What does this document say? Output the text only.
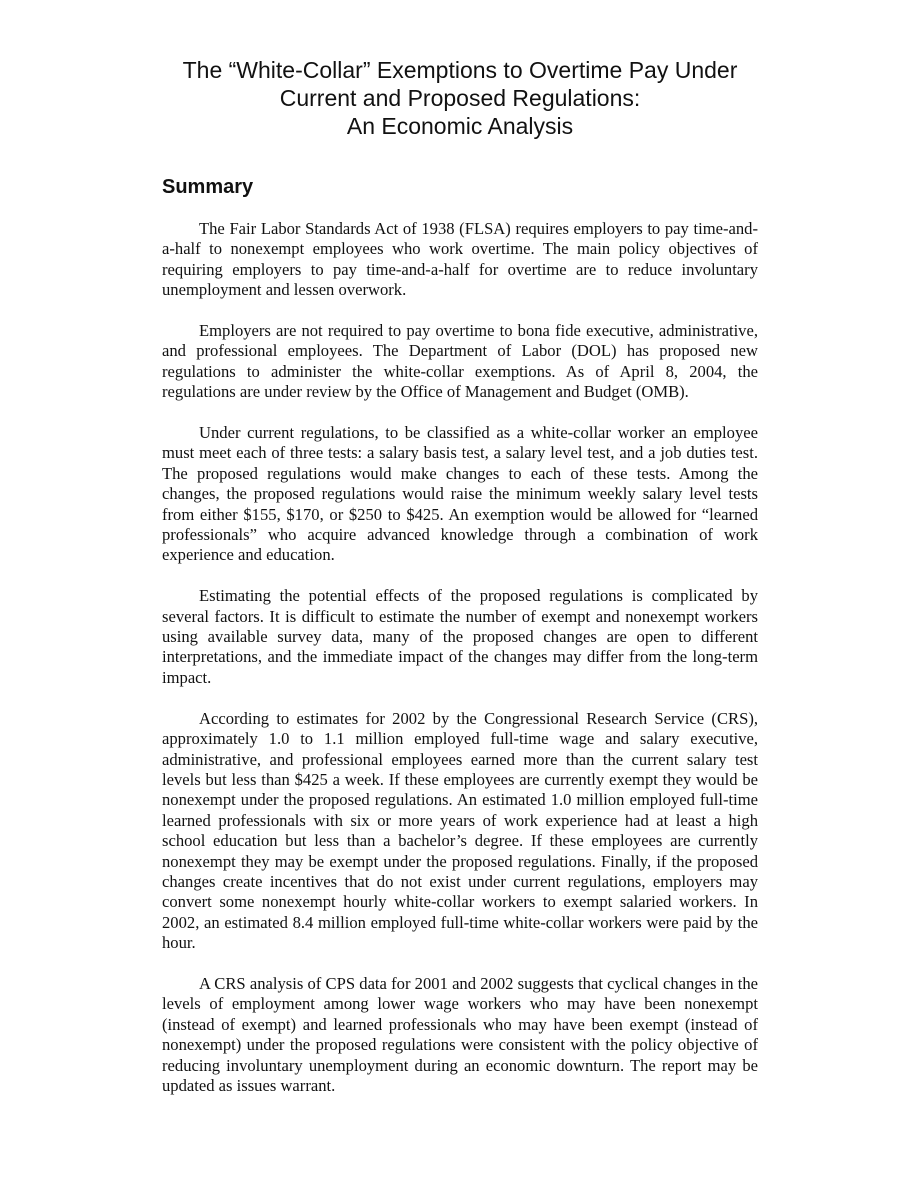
The “White-Collar” Exemptions to Overtime Pay Under
Current and Proposed Regulations:
An Economic Analysis
Summary

The Fair Labor Standards Act of 1938 (FLSA) requires employers to pay time-and-a-half to nonexempt employees who work overtime. The main policy objectives of requiring employers to pay time-and-a-half for overtime are to reduce involuntary unemployment and lessen overwork.

Employers are not required to pay overtime to bona fide executive, administrative, and professional employees. The Department of Labor (DOL) has proposed new regulations to administer the white-collar exemptions. As of April 8, 2004, the regulations are under review by the Office of Management and Budget (OMB).

Under current regulations, to be classified as a white-collar worker an employee must meet each of three tests: a salary basis test, a salary level test, and a job duties test. The proposed regulations would make changes to each of these tests. Among the changes, the proposed regulations would raise the minimum weekly salary level tests from either $155, $170, or $250 to $425. An exemption would be allowed for “learned professionals” who acquire advanced knowledge through a combination of work experience and education.

Estimating the potential effects of the proposed regulations is complicated by several factors. It is difficult to estimate the number of exempt and nonexempt workers using available survey data, many of the proposed changes are open to different interpretations, and the immediate impact of the changes may differ from the long-term impact.

According to estimates for 2002 by the Congressional Research Service (CRS), approximately 1.0 to 1.1 million employed full-time wage and salary executive, administrative, and professional employees earned more than the current salary test levels but less than $425 a week. If these employees are currently exempt they would be nonexempt under the proposed regulations. An estimated 1.0 million employed full-time learned professionals with six or more years of work experience had at least a high school education but less than a bachelor’s degree. If these employees are currently nonexempt they may be exempt under the proposed regulations. Finally, if the proposed changes create incentives that do not exist under current regulations, employers may convert some nonexempt hourly white-collar workers to exempt salaried workers. In 2002, an estimated 8.4 million employed full-time white-collar workers were paid by the hour.

A CRS analysis of CPS data for 2001 and 2002 suggests that cyclical changes in the levels of employment among lower wage workers who may have been nonexempt (instead of exempt) and learned professionals who may have been exempt (instead of nonexempt) under the proposed regulations were consistent with the policy objective of reducing involuntary unemployment during an economic downturn. The report may be updated as issues warrant.
